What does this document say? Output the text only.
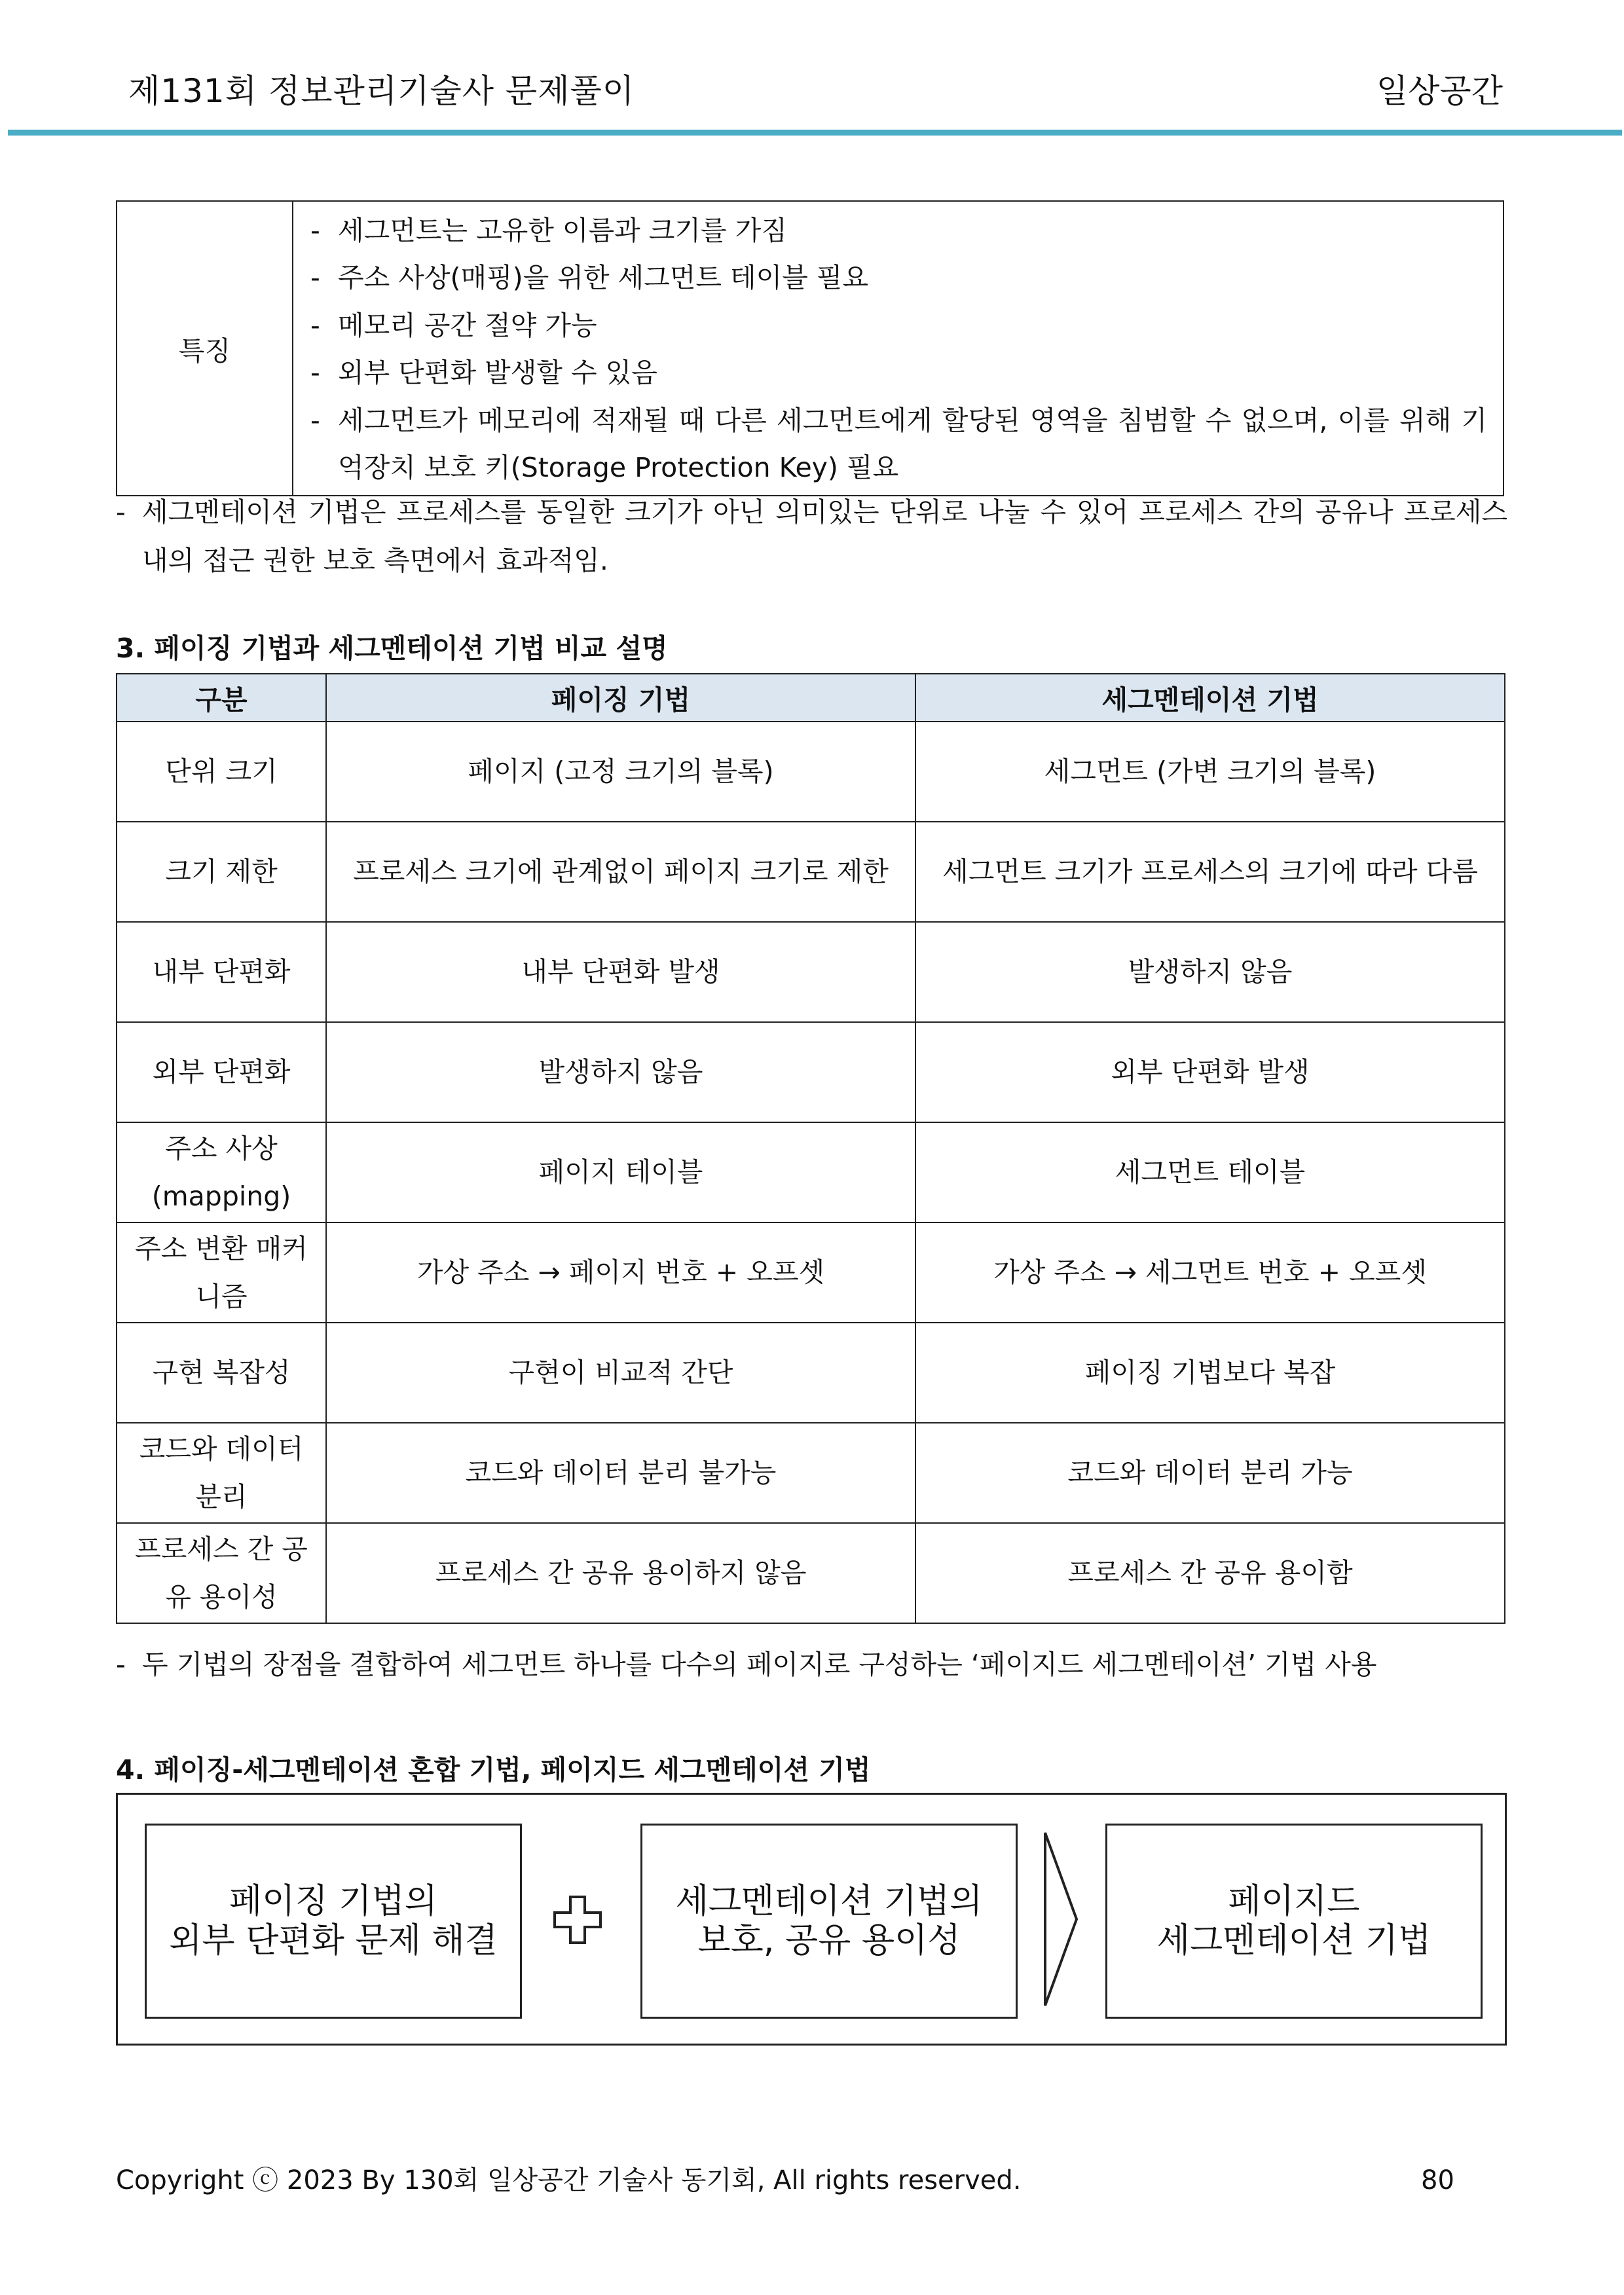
제131회 정보관리기술사 문제풀이	일상공간
특징	
- 세그먼트는 고유한 이름과 크기를 가짐
- 주소 사상(매핑)을 위한 세그먼트 테이블 필요
- 메모리 공간 절약 가능
- 외부 단편화 발생할 수 있음
- 세그먼트가 메모리에 적재될 때 다른 세그먼트에게 할당된 영역을 침범할 수 없으며, 이를 위해 기억장치 보호 키(Storage Protection Key) 필요
- 세그멘테이션 기법은 프로세스를 동일한 크기가 아닌 의미있는 단위로 나눌 수 있어 프로세스 간의 공유나 프로세스 내의 접근 권한 보호 측면에서 효과적임.
3. 페이징 기법과 세그멘테이션 기법 비교 설명
구분	페이징 기법	세그멘테이션 기법
단위 크기	페이지 (고정 크기의 블록)	세그먼트 (가변 크기의 블록)
크기 제한	프로세스 크기에 관계없이 페이지 크기로 제한	세그먼트 크기가 프로세스의 크기에 따라 다름
내부 단편화	내부 단편화 발생	발생하지 않음
외부 단편화	발생하지 않음	외부 단편화 발생
주소 사상 (mapping)	페이지 테이블	세그먼트 테이블
주소 변환 매커니즘	가상 주소 → 페이지 번호 + 오프셋	가상 주소 → 세그먼트 번호 + 오프셋
구현 복잡성	구현이 비교적 간단	페이징 기법보다 복잡
코드와 데이터 분리	코드와 데이터 분리 불가능	코드와 데이터 분리 가능
프로세스 간 공유 용이성	프로세스 간 공유 용이하지 않음	프로세스 간 공유 용이함
- 두 기법의 장점을 결합하여 세그먼트 하나를 다수의 페이지로 구성하는 ‘페이지드 세그멘테이션’ 기법 사용
4. 페이징-세그멘테이션 혼합 기법, 페이지드 세그멘테이션 기법
페이징 기법의
외부 단편화 문제 해결
세그멘테이션 기법의
보호, 공유 용이성
페이지드
세그멘테이션 기법
Copyright ⓒ 2023 By 130회 일상공간 기술사 동기회, All rights reserved.	80
